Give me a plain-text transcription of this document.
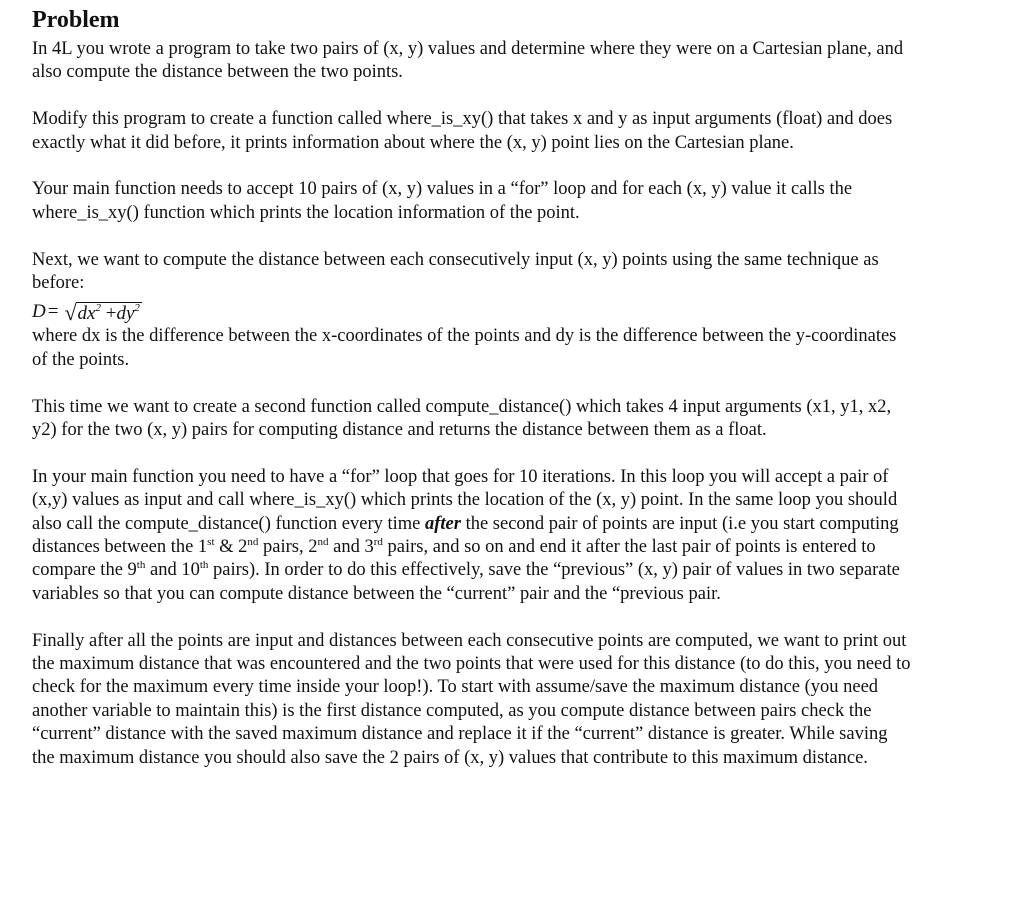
Problem

In 4L you wrote a program to take two pairs of (x, y) values and determine where they were on a Cartesian plane, and also compute the distance between the two points.

Modify this program to create a function called where_is_xy() that takes x and y as input arguments (float) and does exactly what it did before, it prints information about where the (x, y) point lies on the Cartesian plane.

Your main function needs to accept 10 pairs of (x, y) values in a “for” loop and for each (x, y) value it calls the where_is_xy() function which prints the location information of the point.

Next, we want to compute the distance between each consecutively input (x, y) points using the same technique as before:

D = √ $dx^2 +dy^2$

where dx is the difference between the x-coordinates of the points and dy is the difference between the y-coordinates of the points.

This time we want to create a second function called compute_distance() which takes 4 input arguments (x1, y1, x2, y2) for the two (x, y) pairs for computing distance and returns the distance between them as a float.

In your main function you need to have a “for” loop that goes for 10 iterations. In this loop you will accept a pair of (x,y) values as input and call where_is_xy() which prints the location of the (x, y) point. In the same loop you should also call the compute_distance() function every time after the second pair of points are input (i.e you start computing distances between the 1st & 2nd pairs, 2nd and 3rd pairs, and so on and end it after the last pair of points is entered to compare the 9th and 10th pairs). In order to do this effectively, save the “previous” (x, y) pair of values in two separate variables so that you can compute distance between the “current” pair and the “previous pair.

Finally after all the points are input and distances between each consecutive points are computed, we want to print out the maximum distance that was encountered and the two points that were used for this distance (to do this, you need to check for the maximum every time inside your loop!). To start with assume/save the maximum distance (you need another variable to maintain this) is the first distance computed, as you compute distance between pairs check the “current” distance with the saved maximum distance and replace it if the “current” distance is greater. While saving the maximum distance you should also save the 2 pairs of (x, y) values that contribute to this maximum distance.
